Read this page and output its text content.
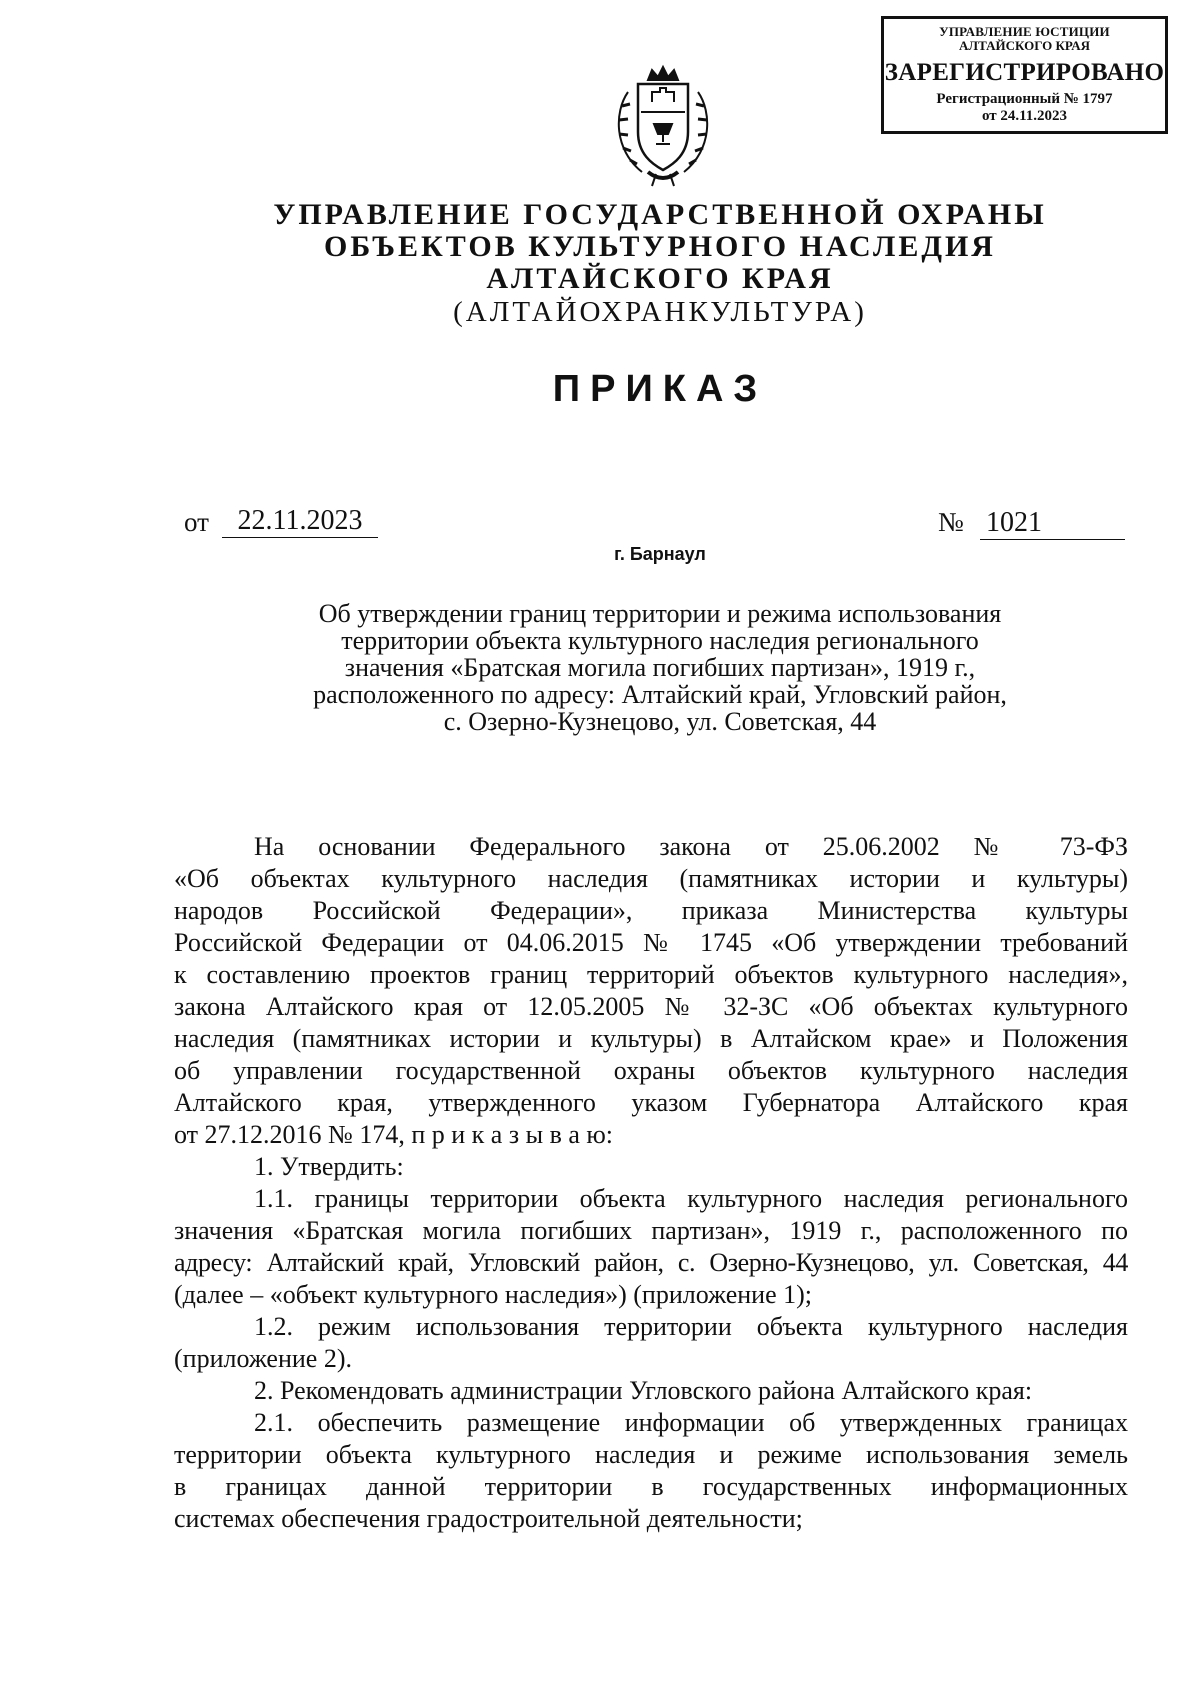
УПРАВЛЕНИЕ ЮСТИЦИИ
АЛТАЙСКОГО КРАЯ
ЗАРЕГИСТРИРОВАНО
Регистрационный № 1797
от 24.11.2023
УПРАВЛЕНИЕ ГОСУДАРСТВЕННОЙ ОХРАНЫ
ОБЪЕКТОВ КУЛЬТУРНОГО НАСЛЕДИЯ
АЛТАЙСКОГО КРАЯ
(АЛТАЙОХРАНКУЛЬТУРА)
ПРИКАЗ
от	22.11.2023	№ 1021
г. Барнаул
Об утверждении границ территории и режима использования
территории объекта культурного наследия регионального
значения «Братская могила погибших партизан», 1919 г.,
расположенного по адресу: Алтайский край, Угловский район,
с. Озерно-Кузнецово, ул. Советская, 44
На основании Федерального закона от 25.06.2002 № 73-ФЗ
«Об объектах культурного наследия (памятниках истории и культуры)
народов Российской Федерации», приказа Министерства культуры
Российской Федерации от 04.06.2015 № 1745 «Об утверждении требований
к составлению проектов границ территорий объектов культурного наследия»,
закона Алтайского края от 12.05.2005 № 32-ЗС «Об объектах культурного
наследия (памятниках истории и культуры) в Алтайском крае» и Положения
об управлении государственной охраны объектов культурного наследия
Алтайского края, утвержденного указом Губернатора Алтайского края
от 27.12.2016 № 174, п р и к а з ы в а ю:
1. Утвердить:
1.1. границы территории объекта культурного наследия регионального
значения «Братская могила погибших партизан», 1919 г., расположенного по
адресу: Алтайский край, Угловский район, с. Озерно-Кузнецово, ул. Советская, 44
(далее – «объект культурного наследия») (приложение 1);
1.2. режим использования территории объекта культурного наследия
(приложение 2).
2. Рекомендовать администрации Угловского района Алтайского края:
2.1. обеспечить размещение информации об утвержденных границах
территории объекта культурного наследия и режиме использования земель
в границах данной территории в государственных информационных
системах обеспечения градостроительной деятельности;
